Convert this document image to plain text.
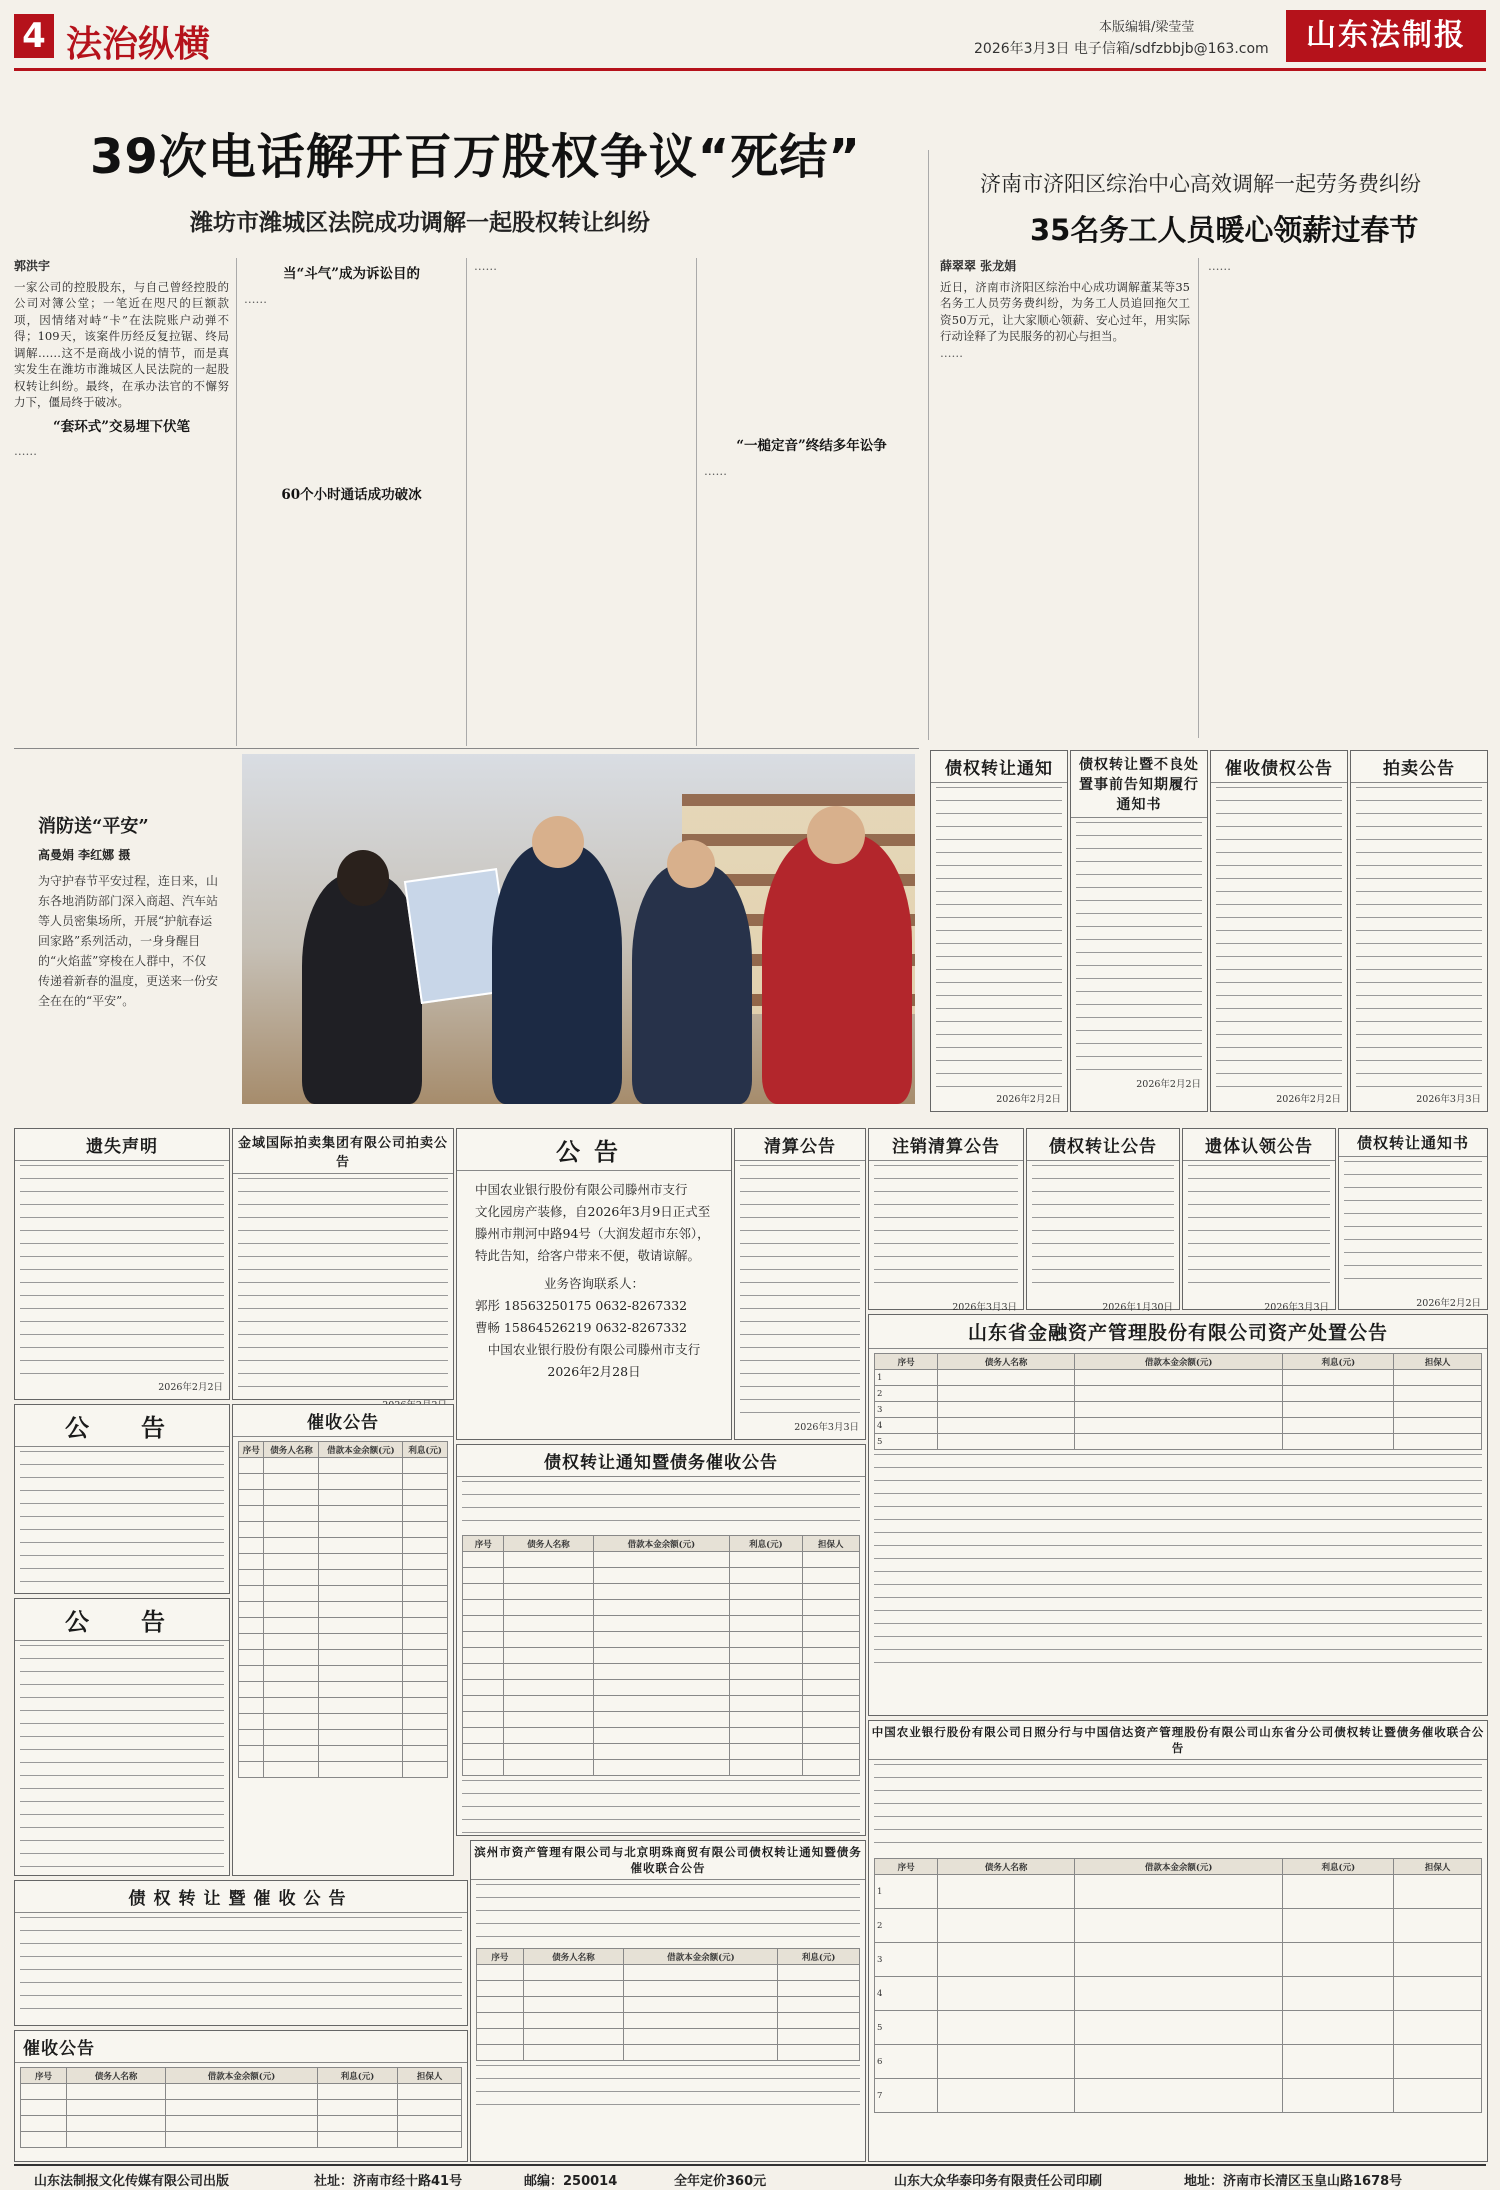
4 法治纵横	本版编辑/梁莹莹
2026年3月3日 电子信箱/sdfzbbjb@163.com	山东法制报
39次电话解开百万股权争议“死结”
潍坊市潍城区法院成功调解一起股权转让纠纷
济南市济阳区综治中心高效调解一起劳务费纠纷
35名务工人员暖心领薪过春节
郭洪宇
一家公司的控股股东，与自己曾经控股的公司对簿公堂；一笔近在咫尺的巨额款项，因情绪对峙“卡”在法院账户动弹不得；109天，该案件历经反复拉锯、终局调解……这不是商战小说的情节，而是真实发生在潍坊市潍城区人民法院的一起股权转让纠纷。最终，在承办法官的不懈努力下，僵局终于破冰。
“套环式”交易埋下伏笔
……
当“斗气”成为诉讼目的
……
60个小时通话成功破冰
……
“一槌定音”终结多年讼争
……
薛翠翠 张龙娟
近日，济南市济阳区综治中心成功调解董某等35名务工人员劳务费纠纷，为务工人员追回拖欠工资50万元，让大家顺心领薪、安心过年，用实际行动诠释了为民服务的初心与担当。
……
……
消防送“平安”
高曼娟 李红娜 摄
为守护春节平安过程，连日来，山东各地消防部门深入商超、汽车站等人员密集场所，开展“护航春运回家路”系列活动，一身身醒目的“火焰蓝”穿梭在人群中，不仅传递着新春的温度，更送来一份安全在在的“平安”。
债权转让通知
2026年2月2日
债权转让暨不良处置事前告知期履行通知书
2026年2月2日
催收债权公告
2026年2月2日
拍卖公告
2026年3月3日
遗失声明
2026年2月2日
金域国际拍卖集团有限公司拍卖公告	公告
中国农业银行股份有限公司滕州市支行
文化园房产装修，自2026年3月9日正式至滕州市荆河中路94号（大润发超市东邻），特此告知，给客户带来不便，敬请谅解。
业务咨询联系人：
郭彤 18563250175 0632-8267332
曹畅 15864526219 0632-8267332
中国农业银行股份有限公司滕州市支行
2026年2月28日
清算公告
2026年3月3日
注销清算公告
2026年3月3日
债权转让公告
2026年1月30日
遗体认领公告
2026年3月3日
债权转让通知书
2026年2月2日
公　告
公　告
债权转让暨催收公告
催收公告
序号	债务人名称	借款本金余额(元)	利息(元)	担保人

催收公告
序号	债务人名称	借款本金余额(元)	利息(元)

债权转让通知暨债务催收公告
序号	债务人名称	借款本金余额(元)	利息(元)	担保人

滨州市资产管理有限公司与北京明珠商贸有限公司债权转让通知暨债务催收联合公告
序号	债务人名称	借款本金余额(元)	利息(元)

山东省金融资产管理股份有限公司资产处置公告
序号	债务人名称	借款本金余额(元)	利息(元)	担保人
1				
2				
3				
4				
5				
中国农业银行股份有限公司日照分行与中国信达资产管理股份有限公司山东省分公司债权转让暨债务催收联合公告
序号	债务人名称	借款本金余额(元)	利息(元)	担保人
1				
2				
3				
4				
5				
6				
7				
山东法制报文化传媒有限公司出版	社址：济南市经十路41号	邮编：250014	全年定价360元	山东大众华泰印务有限责任公司印刷	地址：济南市长清区玉皇山路1678号
